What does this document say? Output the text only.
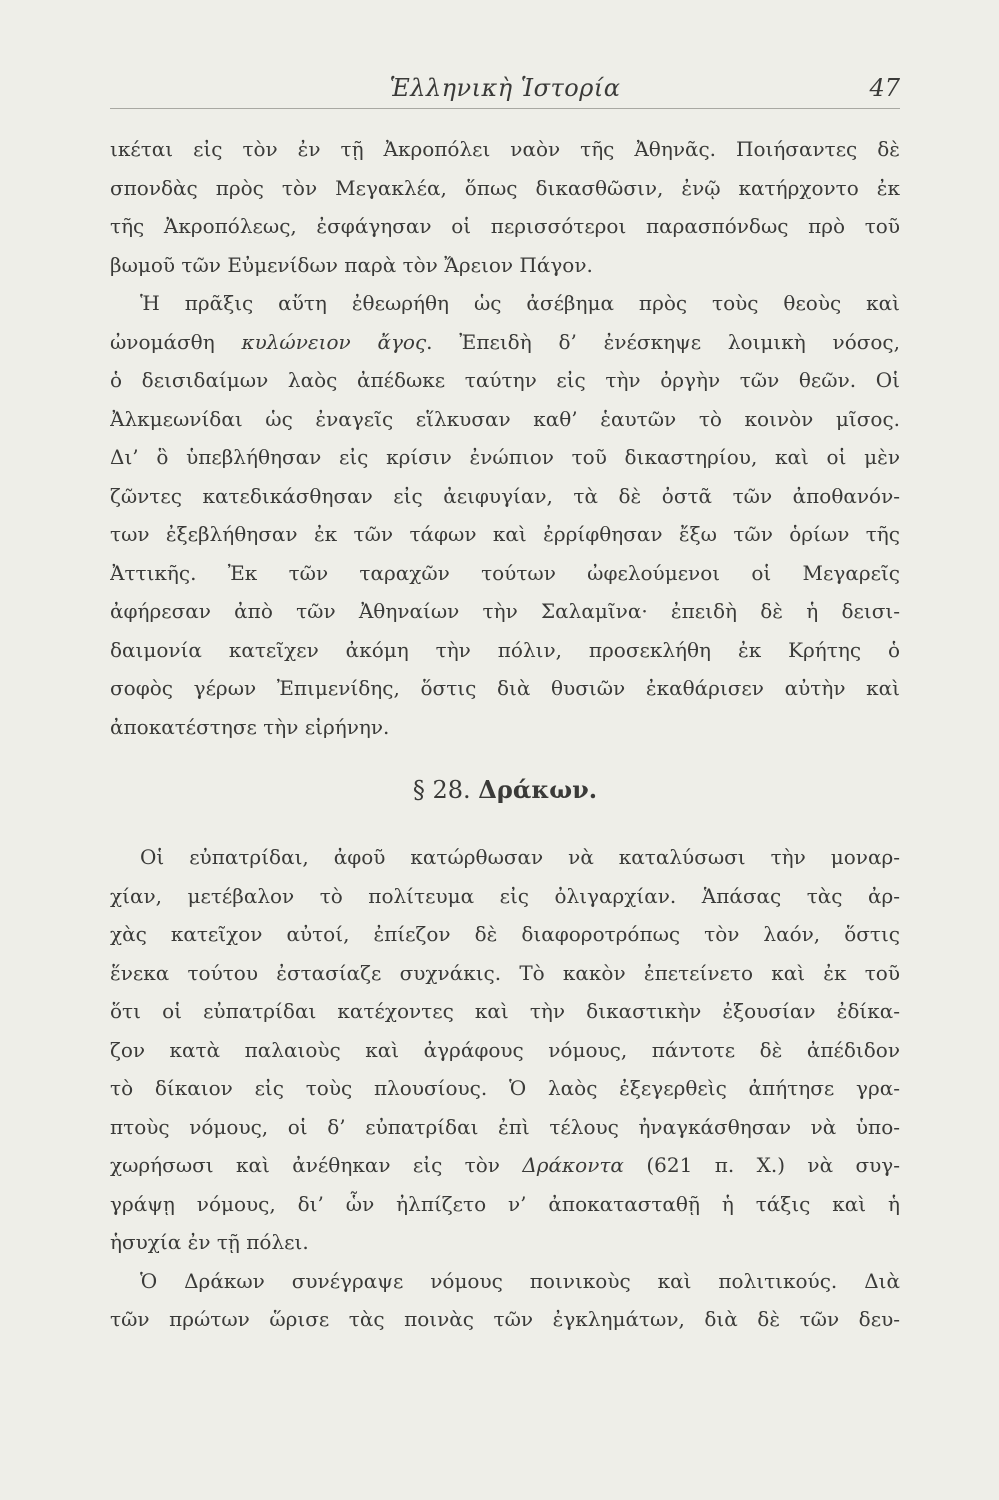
Ἑλληνικὴ Ἱστορία	47
ικέται εἰς τὸν ἐν τῇ Ἀκροπόλει ναὸν τῆς Ἀθηνᾶς. Ποιήσαντες δὲ
σπονδὰς πρὸς τὸν Μεγακλέα, ὅπως δικασθῶσιν, ἐνῷ κατήρχοντο ἐκ
τῆς Ἀκροπόλεως, ἐσφάγησαν οἱ περισσότεροι παρασπόνδως πρὸ τοῦ
βωμοῦ τῶν Εὐμενίδων παρὰ τὸν Ἄρειον Πάγον.
Ἡ πρᾶξις αὕτη ἐθεωρήθη ὡς ἀσέβημα πρὸς τοὺς θεοὺς καὶ
ὠνομάσθη κυλώνειον ἄγος. Ἐπειδὴ δ’ ἐνέσκηψε λοιμικὴ νόσος,
ὁ δεισιδαίμων λαὸς ἀπέδωκε ταύτην εἰς τὴν ὀργὴν τῶν θεῶν. Οἱ
Ἀλκμεωνίδαι ὡς ἐναγεῖς εἵλκυσαν καθ’ ἑαυτῶν τὸ κοινὸν μῖσος.
Δι’ ὃ ὑπεβλήθησαν εἰς κρίσιν ἐνώπιον τοῦ δικαστηρίου, καὶ οἱ μὲν
ζῶντες κατεδικάσθησαν εἰς ἀειφυγίαν, τὰ δὲ ὀστᾶ τῶν ἀποθανόν-
των ἐξεβλήθησαν ἐκ τῶν τάφων καὶ ἐρρίφθησαν ἔξω τῶν ὁρίων τῆς
Ἀττικῆς. Ἐκ τῶν ταραχῶν τούτων ὠφελούμενοι οἱ Μεγαρεῖς
ἀφήρεσαν ἀπὸ τῶν Ἀθηναίων τὴν Σαλαμῖνα· ἐπειδὴ δὲ ἡ δεισι-
δαιμονία κατεῖχεν ἀκόμη τὴν πόλιν, προσεκλήθη ἐκ Κρήτης ὁ
σοφὸς γέρων Ἐπιμενίδης, ὅστις διὰ θυσιῶν ἐκαθάρισεν αὐτὴν καὶ
ἀποκατέστησε τὴν εἰρήνην.
§ 28. Δράκων.
Οἱ εὐπατρίδαι, ἀφοῦ κατώρθωσαν νὰ καταλύσωσι τὴν μοναρ-
χίαν, μετέβαλον τὸ πολίτευμα εἰς ὀλιγαρχίαν. Ἁπάσας τὰς ἀρ-
χὰς κατεῖχον αὐτοί, ἐπίεζον δὲ διαφοροτρόπως τὸν λαόν, ὅστις
ἕνεκα τούτου ἐστασίαζε συχνάκις. Τὸ κακὸν ἐπετείνετο καὶ ἐκ τοῦ
ὅτι οἱ εὐπατρίδαι κατέχοντες καὶ τὴν δικαστικὴν ἐξουσίαν ἐδίκα-
ζον κατὰ παλαιοὺς καὶ ἀγράφους νόμους, πάντοτε δὲ ἀπέδιδον
τὸ δίκαιον εἰς τοὺς πλουσίους. Ὁ λαὸς ἐξεγερθεὶς ἀπήτησε γρα-
πτοὺς νόμους, οἱ δ’ εὐπατρίδαι ἐπὶ τέλους ἠναγκάσθησαν νὰ ὑπο-
χωρήσωσι καὶ ἀνέθηκαν εἰς τὸν Δράκοντα (621 π. Χ.) νὰ συγ-
γράψῃ νόμους, δι’ ὧν ἠλπίζετο ν’ ἀποκατασταθῇ ἡ τάξις καὶ ἡ
ἡσυχία ἐν τῇ πόλει.
Ὁ Δράκων συνέγραψε νόμους ποινικοὺς καὶ πολιτικούς. Διὰ
τῶν πρώτων ὥρισε τὰς ποινὰς τῶν ἐγκλημάτων, διὰ δὲ τῶν δευ-
